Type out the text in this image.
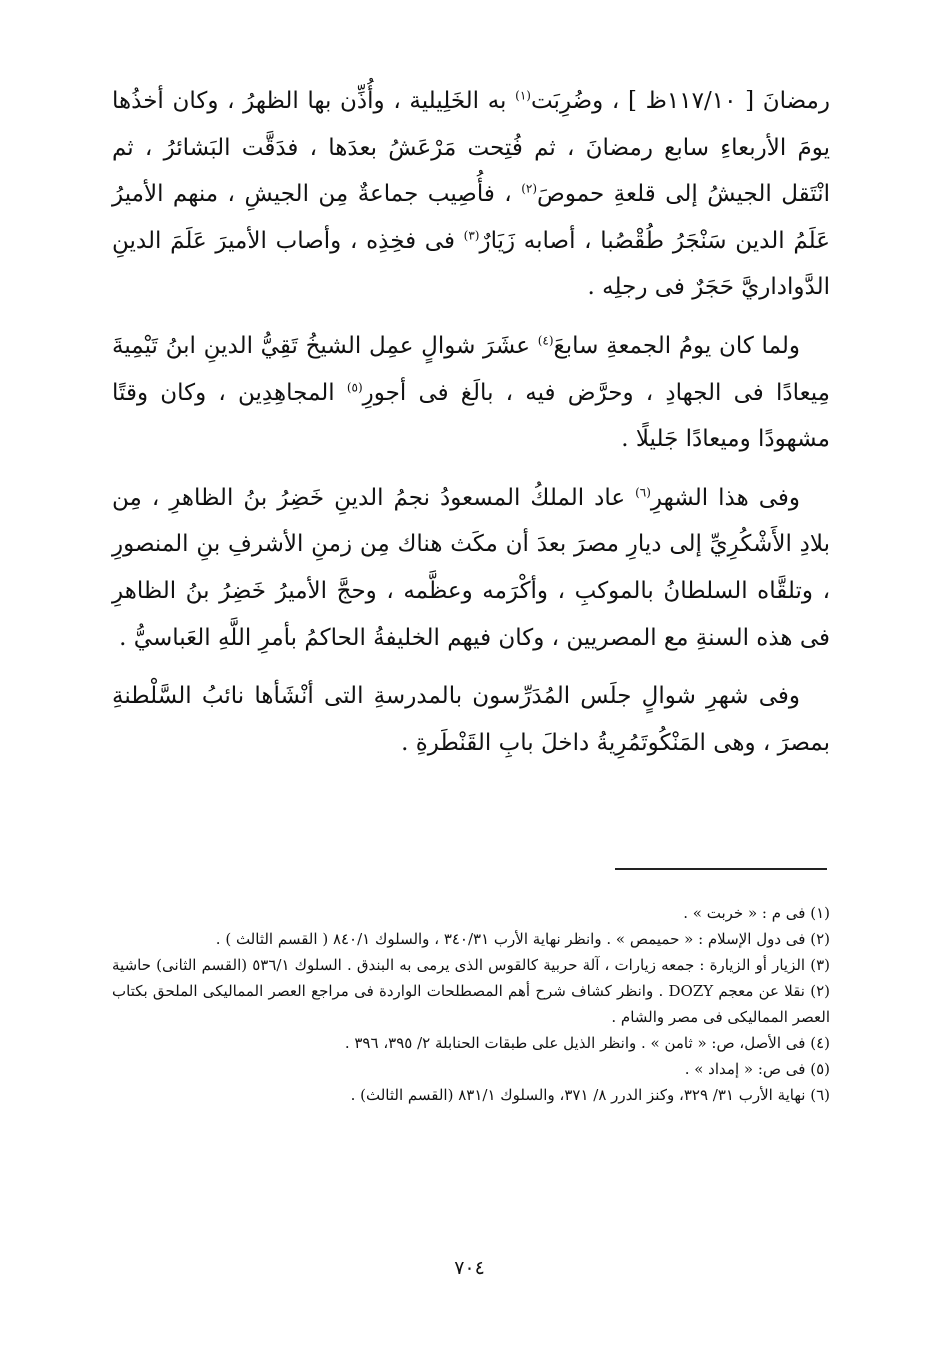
رمضانَ [ ١١٧/١٠ظ ] ، وضُرِبَت$^{(١)}$ به الخَلِيلية ، وأُذِّن بها الظهرُ ، وكان أخذُها يومَ الأربعاءِ سابع رمضانَ ، ثم فُتِحت مَرْعَشُ بعدَها ، فدَقَّت البَشائرُ ، ثم انْتَقل الجيشُ إلى قلعةِ حموصَ$^{(٢)}$ ، فأُصِيب جماعةٌ مِن الجيشِ ، منهم الأميرُ عَلَمُ الدين سَنْجَرُ طُقْصُبا ، أصابه زَيَارٌ$^{(٣)}$ فى فخِذِه ، وأصاب الأميرَ عَلَمَ الدينِ الدَّواداريَّ حَجَرٌ فى رجلِه .

ولما كان يومُ الجمعةِ سابعَ$^{(٤)}$ عشَرَ شوالٍ عمِل الشيخُ تَقِيُّ الدينِ ابنُ تَيْمِيةَ مِيعادًا فى الجهادِ ، وحرَّض فيه ، بالَغ فى أجورِ$^{(٥)}$ المجاهِدِين ، وكان وقتًا مشهودًا وميعادًا جَليلًا .

وفى هذا الشهرِ$^{(٦)}$ عاد الملكُ المسعودُ نجمُ الدينِ خَضِرُ بنُ الظاهرِ ، مِن بلادِ الأَشْكُرِيِّ إلى ديارِ مصرَ بعدَ أن مكَث هناك مِن زمنِ الأشرفِ بنِ المنصورِ ، وتلقَّاه السلطانُ بالموكبِ ، وأكْرَمه وعظَّمه ، وحجَّ الأميرُ خَضِرُ بنُ الظاهرِ فى هذه السنةِ مع المصريين ، وكان فيهم الخليفةُ الحاكمُ بأمرِ اللَّهِ العَباسيُّ .

وفى شهرِ شوالٍ جلَس المُدَرِّسون بالمدرسةِ التى أنْشَأها نائبُ السَّلْطنةِ بمصرَ ، وهى المَنْكُوتَمُرِيةُ داخلَ بابِ القَنْطَرةِ .

(١) فى م : « خربت » .

(٢) فى دول الإسلام : « حميمص » . وانظر نهاية الأرب ٣٤٠/٣١ ، والسلوك ٨٤٠/١ ( القسم الثالث ) .

(٣) الزيار أو الزيارة : جمعه زيارات ، آلة حربية كالقوس الذى يرمى به البندق . السلوك ٥٣٦/١ (القسم الثانى) حاشية (٢) نقلا عن معجم DOZY . وانظر كشاف شرح أهم المصطلحات الواردة فى مراجع العصر المماليكى الملحق بكتاب العصر المماليكى فى مصر والشام .

(٤) فى الأصل، ص: « ثامن » . وانظر الذيل على طبقات الحنابلة ٢/ ٣٩٥، ٣٩٦ .

(٥) فى ص: « إمداد » .

(٦) نهاية الأرب ٣١/ ٣٢٩، وكنز الدرر ٨/ ٣٧١، والسلوك ٨٣١/١ (القسم الثالث) .

٧٠٤
